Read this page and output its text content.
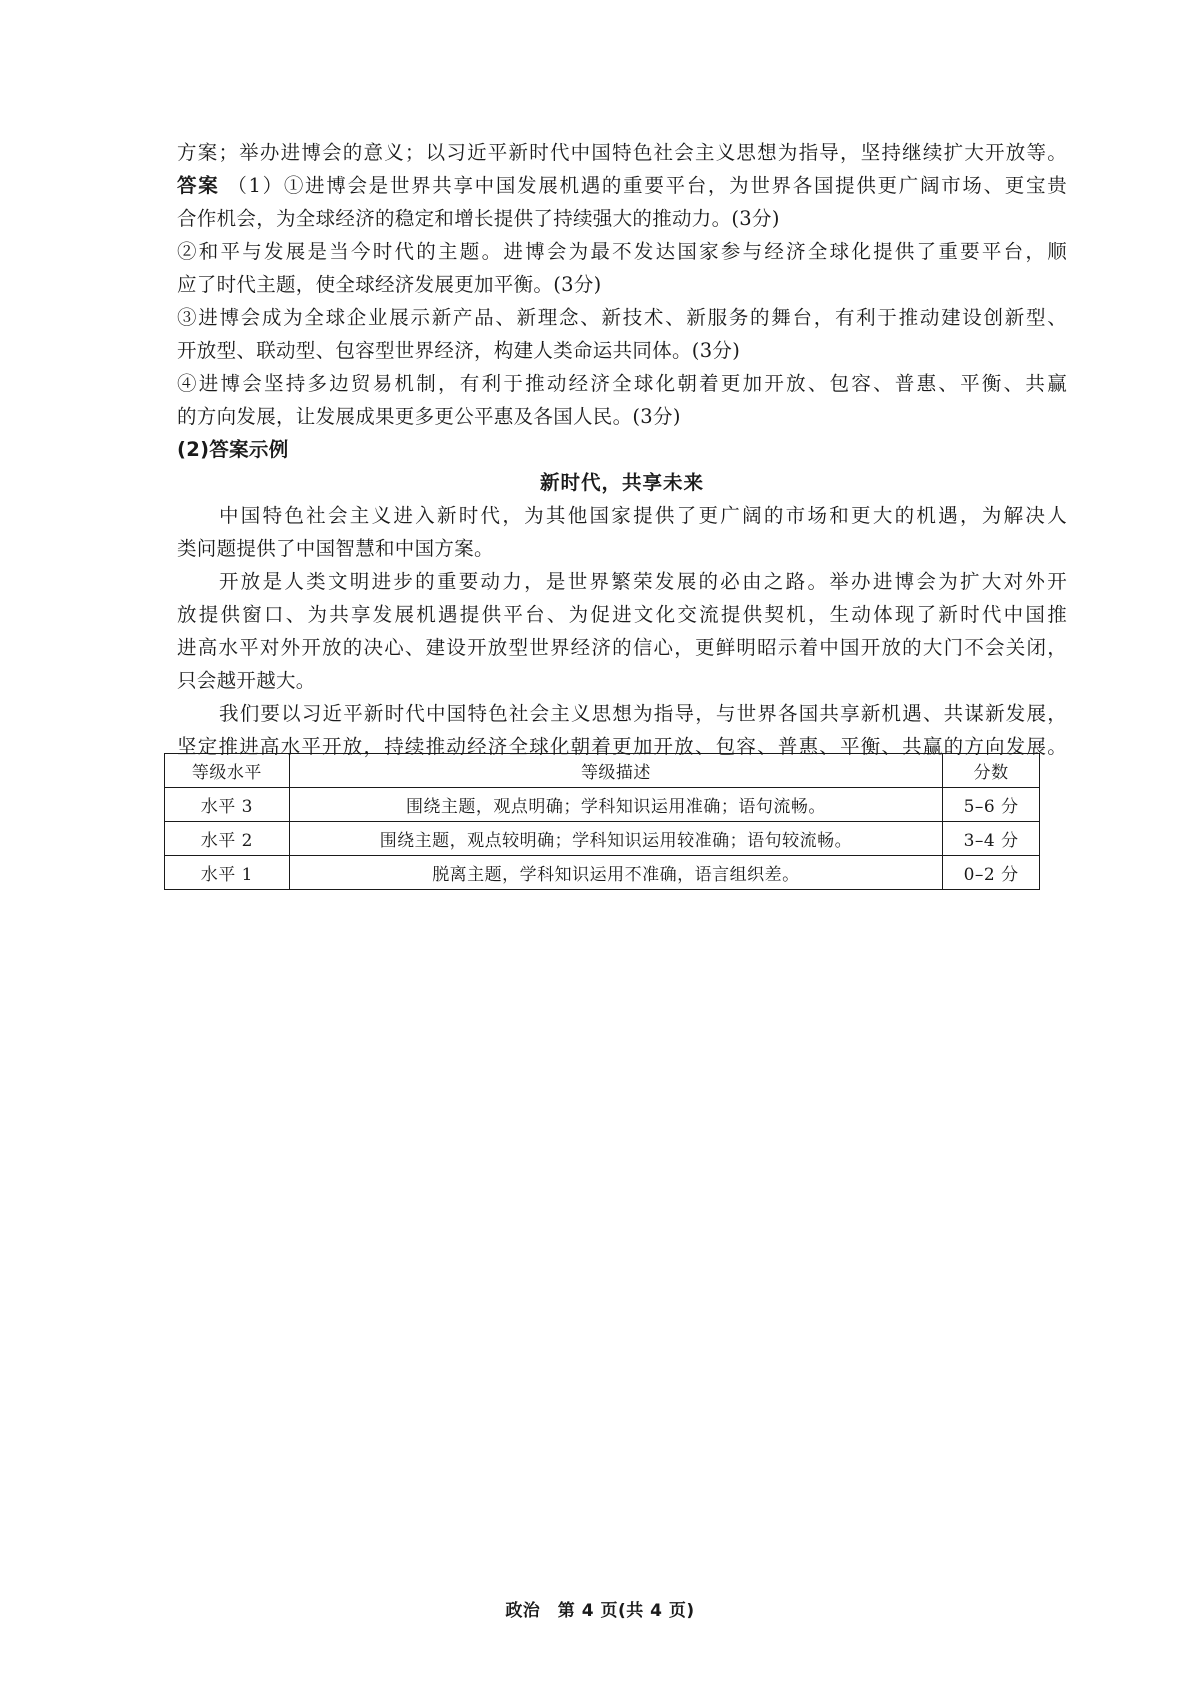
方案；举办进博会的意义；以习近平新时代中国特色社会主义思想为指导，坚持继续扩大开放等。
答案 （1）①进博会是世界共享中国发展机遇的重要平台，为世界各国提供更广阔市场、更宝贵
合作机会，为全球经济的稳定和增长提供了持续强大的推动力。(3分)
②和平与发展是当今时代的主题。进博会为最不发达国家参与经济全球化提供了重要平台，顺
应了时代主题，使全球经济发展更加平衡。(3分)
③进博会成为全球企业展示新产品、新理念、新技术、新服务的舞台，有利于推动建设创新型、
开放型、联动型、包容型世界经济，构建人类命运共同体。(3分)
④进博会坚持多边贸易机制，有利于推动经济全球化朝着更加开放、包容、普惠、平衡、共赢
的方向发展，让发展成果更多更公平惠及各国人民。(3分)
(2)答案示例
新时代，共享未来
中国特色社会主义进入新时代，为其他国家提供了更广阔的市场和更大的机遇，为解决人
类问题提供了中国智慧和中国方案。
开放是人类文明进步的重要动力，是世界繁荣发展的必由之路。举办进博会为扩大对外开
放提供窗口、为共享发展机遇提供平台、为促进文化交流提供契机，生动体现了新时代中国推
进高水平对外开放的决心、建设开放型世界经济的信心，更鲜明昭示着中国开放的大门不会关闭，
只会越开越大。
我们要以习近平新时代中国特色社会主义思想为指导，与世界各国共享新机遇、共谋新发展，
坚定推进高水平开放，持续推动经济全球化朝着更加开放、包容、普惠、平衡、共赢的方向发展。
等级水平	等级描述	分数
水平 3	围绕主题，观点明确；学科知识运用准确；语句流畅。	5–6 分
水平 2	围绕主题，观点较明确；学科知识运用较准确；语句较流畅。	3–4 分
水平 1	脱离主题，学科知识运用不准确，语言组织差。	0–2 分
政治　第 4 页(共 4 页)
